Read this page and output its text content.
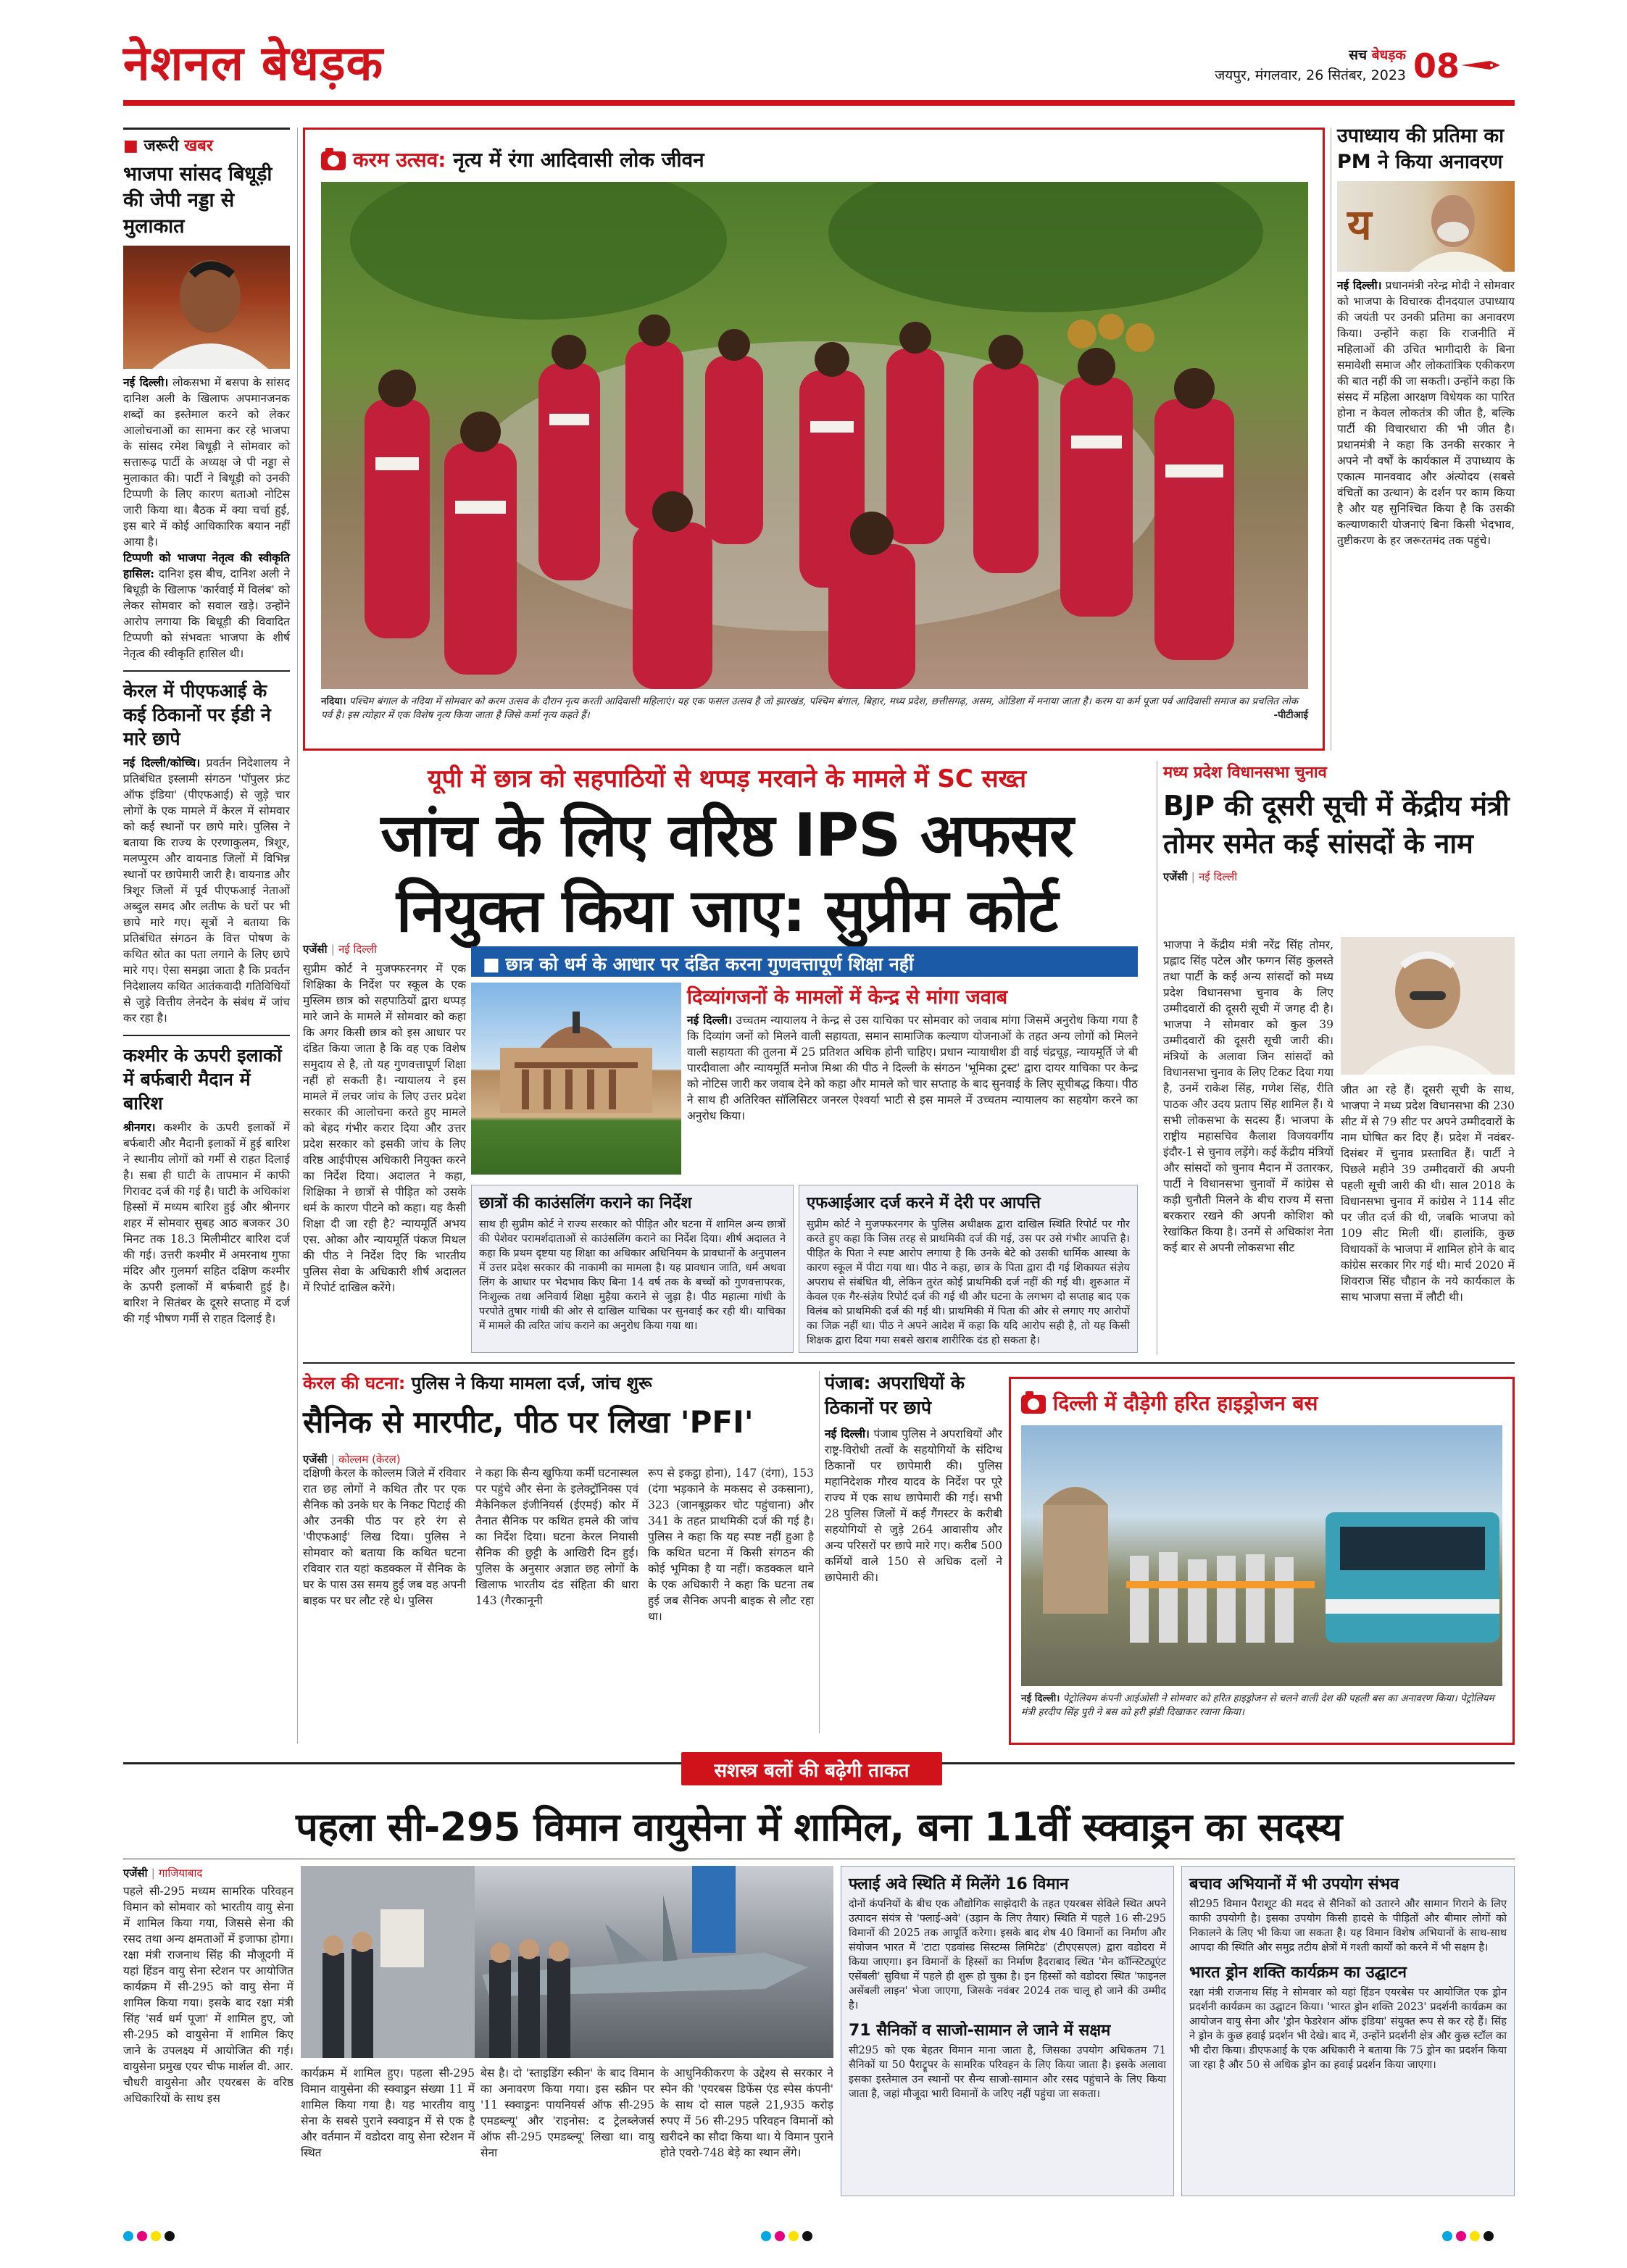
नेशनल बेधड़क	सच बेधड़क
जयपुर, मंगलवार, 26 सितंबर, 2023 08
■ जरूरी खबर
भाजपा सांसद बिधूड़ी की जेपी नड्डा से मुलाकात
नई दिल्ली। लोकसभा में बसपा के सांसद दानिश अली के खिलाफ अपमानजनक शब्दों का इस्तेमाल करने को लेकर आलोचनाओं का सामना कर रहे भाजपा के सांसद रमेश बिधूड़ी ने सोमवार को सत्तारूढ़ पार्टी के अध्यक्ष जे पी नड्डा से मुलाकात की। पार्टी ने बिधूड़ी को उनकी टिप्पणी के लिए कारण बताओ नोटिस जारी किया था। बैठक में क्या चर्चा हुई, इस बारे में कोई आधिकारिक बयान नहीं आया है।
टिप्पणी को भाजपा नेतृत्व की स्वीकृति हासिल: दानिश इस बीच, दानिश अली ने बिधूड़ी के खिलाफ 'कार्रवाई में विलंब' को लेकर सोमवार को सवाल खड़े। उन्होंने आरोप लगाया कि बिधूड़ी की विवादित टिप्पणी को संभवतः भाजपा के शीर्ष नेतृत्व की स्वीकृति हासिल थी।
केरल में पीएफआई के कई ठिकानों पर ईडी ने मारे छापे
नई दिल्ली/कोच्चि। प्रवर्तन निदेशालय ने प्रतिबंधित इस्लामी संगठन 'पॉपुलर फ्रंट ऑफ इंडिया' (पीएफआई) से जुड़े चार लोगों के एक मामले में केरल में सोमवार को कई स्थानों पर छापे मारे। पुलिस ने बताया कि राज्य के एरणाकुलम, त्रिशूर, मलप्पुरम और वायनाड जिलों में विभिन्न स्थानों पर छापेमारी जारी है। वायनाड और त्रिशूर जिलों में पूर्व पीएफआई नेताओं अब्दुल समद और लतीफ के घरों पर भी छापे मारे गए। सूत्रों ने बताया कि प्रतिबंधित संगठन के वित्त पोषण के कथित स्रोत का पता लगाने के लिए छापे मारे गए। ऐसा समझा जाता है कि प्रवर्तन निदेशालय कथित आतंकवादी गतिविधियों से जुड़े वित्तीय लेनदेन के संबंध में जांच कर रहा है।
कश्मीर के ऊपरी इलाकों में बर्फबारी मैदान में बारिश
श्रीनगर। कश्मीर के ऊपरी इलाकों में बर्फबारी और मैदानी इलाकों में हुई बारिश ने स्थानीय लोगों को गर्मी से राहत दिलाई है। सबा ही घाटी के तापमान में काफी गिरावट दर्ज की गई है। घाटी के अधिकांश हिस्सों में मध्यम बारिश हुई और श्रीनगर शहर में सोमवार सुबह आठ बजकर 30 मिनट तक 18.3 मिलीमीटर बारिश दर्ज की गई। उत्तरी कश्मीर में अमरनाथ गुफा मंदिर और गुलमर्ग सहित दक्षिण कश्मीर के ऊपरी इलाकों में बर्फबारी हुई है। बारिश ने सितंबर के दूसरे सप्ताह में दर्ज की गई भीषण गर्मी से राहत दिलाई है।
करम उत्सव: नृत्य में रंगा आदिवासी लोक जीवन
नदिया। पश्चिम बंगाल के नदिया में सोमवार को करम उत्सव के दौरान नृत्य करती आदिवासी महिलाएं। यह एक फसल उत्सव है जो झारखंड, पश्चिम बंगाल, बिहार, मध्य प्रदेश, छत्तीसगढ़, असम, ओडिशा में मनाया जाता है। करम या कर्म पूजा पर्व आदिवासी समाज का प्रचलित लोक पर्व है। इस त्योहार में एक विशेष नृत्य किया जाता है जिसे कर्मा नृत्य कहते हैं।	-पीटीआई
उपाध्याय की प्रतिमा का PM ने किया अनावरण
य
नई दिल्ली। प्रधानमंत्री नरेन्द्र मोदी ने सोमवार को भाजपा के विचारक दीनदयाल उपाध्याय की जयंती पर उनकी प्रतिमा का अनावरण किया। उन्होंने कहा कि राजनीति में महिलाओं की उचित भागीदारी के बिना समावेशी समाज और लोकतांत्रिक एकीकरण की बात नहीं की जा सकती। उन्होंने कहा कि संसद में महिला आरक्षण विधेयक का पारित होना न केवल लोकतंत्र की जीत है, बल्कि पार्टी की विचारधारा की भी जीत है। प्रधानमंत्री ने कहा कि उनकी सरकार ने अपने नौ वर्षों के कार्यकाल में उपाध्याय के एकात्म मानववाद और अंत्योदय (सबसे वंचितों का उत्थान) के दर्शन पर काम किया है और यह सुनिश्चित किया है कि उसकी कल्याणकारी योजनाएं बिना किसी भेदभाव, तुष्टीकरण के हर जरूरतमंद तक पहुंचे।
यूपी में छात्र को सहपाठियों से थप्पड़ मरवाने के मामले में SC सख्त
जांच के लिए वरिष्ठ IPS अफसर
नियुक्त किया जाए: सुप्रीम कोर्ट
एजेंसी | नई दिल्ली
सुप्रीम कोर्ट ने मुजफ्फरनगर में एक शिक्षिका के निर्देश पर स्कूल के एक मुस्लिम छात्र को सहपाठियों द्वारा थप्पड़ मारे जाने के मामले में सोमवार को कहा कि अगर किसी छात्र को इस आधार पर दंडित किया जाता है कि वह एक विशेष समुदाय से है, तो यह गुणवत्तापूर्ण शिक्षा नहीं हो सकती है। न्यायालय ने इस मामले में लचर जांच के लिए उत्तर प्रदेश सरकार की आलोचना करते हुए मामले को बेहद गंभीर करार दिया और उत्तर प्रदेश सरकार को इसकी जांच के लिए वरिष्ठ आईपीएस अधिकारी नियुक्त करने का निर्देश दिया। अदालत ने कहा, शिक्षिका ने छात्रों से पीड़ित को उसके धर्म के कारण पीटने को कहा। यह कैसी शिक्षा दी जा रही है? न्यायमूर्ति अभय एस. ओका और न्यायमूर्ति पंकज मिथल की पीठ ने निर्देश दिए कि भारतीय पुलिस सेवा के अधिकारी शीर्ष अदालत में रिपोर्ट दाखिल करेंगे।
■ छात्र को धर्म के आधार पर दंडित करना गुणवत्तापूर्ण शिक्षा नहीं
दिव्यांगजनों के मामलों में केन्द्र से मांगा जवाब
नई दिल्ली। उच्चतम न्यायालय ने केन्द्र से उस याचिका पर सोमवार को जवाब मांगा जिसमें अनुरोध किया गया है कि दिव्यांग जनों को मिलने वाली सहायता, समान सामाजिक कल्याण योजनाओं के तहत अन्य लोगों को मिलने वाली सहायता की तुलना में 25 प्रतिशत अधिक होनी चाहिए। प्रधान न्यायाधीश डी वाई चंद्रचूड़, न्यायमूर्ति जे बी पारदीवाला और न्यायमूर्ति मनोज मिश्रा की पीठ ने दिल्ली के संगठन 'भूमिका ट्रस्ट' द्वारा दायर याचिका पर केन्द्र को नोटिस जारी कर जवाब देने को कहा और मामले को चार सप्ताह के बाद सुनवाई के लिए सूचीबद्ध किया। पीठ ने साथ ही अतिरिक्त सॉलिसिटर जनरल ऐश्वर्या भाटी से इस मामले में उच्चतम न्यायालय का सहयोग करने का अनुरोध किया।
छात्रों की काउंसलिंग कराने का निर्देश
साथ ही सुप्रीम कोर्ट ने राज्य सरकार को पीड़ित और घटना में शामिल अन्य छात्रों की पेशेवर परामर्शदाताओं से काउंसलिंग कराने का निर्देश दिया। शीर्ष अदालत ने कहा कि प्रथम दृष्टया यह शिक्षा का अधिकार अधिनियम के प्रावधानों के अनुपालन में उत्तर प्रदेश सरकार की नाकामी का मामला है। यह प्रावधान जाति, धर्म अथवा लिंग के आधार पर भेदभाव किए बिना 14 वर्ष तक के बच्चों को गुणवत्तापरक, निःशुल्क तथा अनिवार्य शिक्षा मुहैया कराने से जुड़ा है। पीठ महात्मा गांधी के परपोते तुषार गांधी की ओर से दाखिल याचिका पर सुनवाई कर रही थी। याचिका में मामले की त्वरित जांच कराने का अनुरोध किया गया था।
एफआईआर दर्ज करने में देरी पर आपत्ति
सुप्रीम कोर्ट ने मुजफ्फरनगर के पुलिस अधीक्षक द्वारा दाखिल स्थिति रिपोर्ट पर गौर करते हुए कहा कि जिस तरह से प्राथमिकी दर्ज की गई, उस पर उसे गंभीर आपत्ति है। पीड़ित के पिता ने स्पष्ट आरोप लगाया है कि उनके बेटे को उसकी धार्मिक आस्था के कारण स्कूल में पीटा गया था। पीठ ने कहा, छात्र के पिता द्वारा दी गई शिकायत संज्ञेय अपराध से संबंधित थी, लेकिन तुरंत कोई प्राथमिकी दर्ज नहीं की गई थी। शुरुआत में केवल एक गैर-संज्ञेय रिपोर्ट दर्ज की गई थी और घटना के लगभग दो सप्ताह बाद एक विलंब को प्राथमिकी दर्ज की गई थी। प्राथमिकी में पिता की ओर से लगाए गए आरोपों का जिक्र नहीं था। पीठ ने अपने आदेश में कहा कि यदि आरोप सही है, तो यह किसी शिक्षक द्वारा दिया गया सबसे खराब शारीरिक दंड हो सकता है।
मध्य प्रदेश विधानसभा चुनाव
BJP की दूसरी सूची में केंद्रीय मंत्री तोमर समेत कई सांसदों के नाम
एजेंसी | नई दिल्ली
भाजपा ने केंद्रीय मंत्री नरेंद्र सिंह तोमर, प्रह्लाद सिंह पटेल और फग्गन सिंह कुलस्ते तथा पार्टी के कई अन्य सांसदों को मध्य प्रदेश विधानसभा चुनाव के लिए उम्मीदवारों की दूसरी सूची में जगह दी है। भाजपा ने सोमवार को कुल 39 उम्मीदवारों की दूसरी सूची जारी की। मंत्रियों के अलावा जिन सांसदों को विधानसभा चुनाव के लिए टिकट दिया गया है, उनमें राकेश सिंह, गणेश सिंह, रीति पाठक और उदय प्रताप सिंह शामिल हैं। ये सभी लोकसभा के सदस्य हैं। भाजपा के राष्ट्रीय महासचिव कैलाश विजयवर्गीय इंदौर-1 से चुनाव लड़ेंगे। कई केंद्रीय मंत्रियों और सांसदों को चुनाव मैदान में उतारकर, पार्टी ने विधानसभा चुनावों में कांग्रेस से कड़ी चुनौती मिलने के बीच राज्य में सत्ता बरकरार रखने की अपनी कोशिश को रेखांकित किया है। उनमें से अधिकांश नेता कई बार से अपनी लोकसभा सीट
जीत आ रहे हैं। दूसरी सूची के साथ, भाजपा ने मध्य प्रदेश विधानसभा की 230 सीट में से 79 सीट पर अपने उम्मीदवारों के नाम घोषित कर दिए हैं। प्रदेश में नवंबर-दिसंबर में चुनाव प्रस्तावित हैं। पार्टी ने पिछले महीने 39 उम्मीदवारों की अपनी पहली सूची जारी की थी। साल 2018 के विधानसभा चुनाव में कांग्रेस ने 114 सीट पर जीत दर्ज की थी, जबकि भाजपा को 109 सीट मिली थीं। हालांकि, कुछ विधायकों के भाजपा में शामिल होने के बाद कांग्रेस सरकार गिर गई थी। मार्च 2020 में शिवराज सिंह चौहान के नये कार्यकाल के साथ भाजपा सत्ता में लौटी थी।
केरल की घटना: पुलिस ने किया मामला दर्ज, जांच शुरू
सैनिक से मारपीट, पीठ पर लिखा 'PFI'
एजेंसी | कोल्लम (केरल)
दक्षिणी केरल के कोल्लम जिले में रविवार रात छह लोगों ने कथित तौर पर एक सैनिक को उनके घर के निकट पिटाई की और उनकी पीठ पर हरे रंग से 'पीएफआई' लिख दिया। पुलिस ने सोमवार को बताया कि कथित घटना रविवार रात यहां कडक्कल में सैनिक के घर के पास उस समय हुई जब वह अपनी बाइक पर घर लौट रहे थे। पुलिस
ने कहा कि सैन्य खुफिया कर्मी घटनास्थल पर पहुंचे और सेना के इलेक्ट्रॉनिक्स एवं मैकेनिकल इंजीनियर्स (ईएमई) कोर में तैनात सैनिक पर कथित हमले की जांच का निर्देश दिया। घटना केरल नियासी सैनिक की छुट्टी के आखिरी दिन हुई। पुलिस के अनुसार अज्ञात छह लोगों के खिलाफ भारतीय दंड संहिता की धारा 143 (गैरकानूनी
रूप से इकट्ठा होना), 147 (दंगा), 153 (दंगा भड़काने के मकसद से उकसाना), 323 (जानबूझकर चोट पहुंचाना) और 341 के तहत प्राथमिकी दर्ज की गई है। पुलिस ने कहा कि यह स्पष्ट नहीं हुआ है कि कथित घटना में किसी संगठन की कोई भूमिका है या नहीं। कडक्कल थाने के एक अधिकारी ने कहा कि घटना तब हुई जब सैनिक अपनी बाइक से लौट रहा था।
पंजाब: अपराधियों के ठिकानों पर छापे
नई दिल्ली। पंजाब पुलिस ने अपराधियों और राष्ट्र-विरोधी तत्वों के सहयोगियों के संदिग्ध ठिकानों पर छापेमारी की। पुलिस महानिदेशक गौरव यादव के निर्देश पर पूरे राज्य में एक साथ छापेमारी की गई। सभी 28 पुलिस जिलों में कई गैंगस्टर के करीबी सहयोगियों से जुड़े 264 आवासीय और अन्य परिसरों पर छापे मारे गए। करीब 500 कर्मियों वाले 150 से अधिक दलों ने छापेमारी की।
दिल्ली में दौड़ेगी हरित हाइड्रोजन बस
नई दिल्ली। पेट्रोलियम कंपनी आईओसी ने सोमवार को हरित हाइड्रोजन से चलने वाली देश की पहली बस का अनावरण किया। पेट्रोलियम मंत्री हरदीप सिंह पुरी ने बस को हरी झंडी दिखाकर रवाना किया।
सशस्त्र बलों की बढ़ेगी ताकत
पहला सी-295 विमान वायुसेना में शामिल, बना 11वीं स्क्वाड्रन का सदस्य
एजेंसी | गाजियाबाद
पहले सी-295 मध्यम सामरिक परिवहन विमान को सोमवार को भारतीय वायु सेना में शामिल किया गया, जिससे सेना की रसद तथा अन्य क्षमताओं में इजाफा होगा। रक्षा मंत्री राजनाथ सिंह की मौजूदगी में यहां हिंडन वायु सेना स्टेशन पर आयोजित कार्यक्रम में सी-295 को वायु सेना में शामिल किया गया। इसके बाद रक्षा मंत्री सिंह 'सर्व धर्म पूजा' में शामिल हुए, जो सी-295 को वायुसेना में शामिल किए जाने के उपलक्ष्य में आयोजित की गई। वायुसेना प्रमुख एयर चीफ मार्शल वी. आर. चौधरी वायुसेना और एयरबस के वरिष्ठ अधिकारियों के साथ इस
कार्यक्रम में शामिल हुए। पहला सी-295 विमान वायुसेना की स्क्वाड्रन संख्या 11 में शामिल किया गया है। यह भारतीय वायु सेना के सबसे पुराने स्क्वाड्रन में से एक है और वर्तमान में वडोदरा वायु सेना स्टेशन में स्थित
बेस है। दो 'स्ताइडिंग स्कीन' के बाद विमान का अनावरण किया गया। इस स्क्रीन पर '11 स्क्वाड्रनः पायनियर्स ऑफ सी-295 एमडब्ल्यू' और 'राइनोस: द ट्रेलब्लेजर्स ऑफ सी-295 एमडब्ल्यू' लिखा था। वायु सेना
के आधुनिकीकरण के उद्देश्य से सरकार ने स्पेन की 'एयरबस डिफेंस एंड स्पेस कंपनी' के साथ दो साल पहले 21,935 करोड़ रुपए में 56 सी-295 परिवहन विमानों को खरीदने का सौदा किया था। ये विमान पुराने होते एवरो-748 बेड़े का स्थान लेंगे।
फ्लाई अवे स्थिति में मिलेंगे 16 विमान
दोनों कंपनियों के बीच एक औद्योगिक साझेदारी के तहत एयरबस सेविले स्थित अपने उत्पादन संयंत्र से 'फ्लाई-अवे' (उड़ान के लिए तैयार) स्थिति में पहले 16 सी-295 विमानों की 2025 तक आपूर्ति करेगा। इसके बाद शेष 40 विमानों का निर्माण और संयोजन भारत में 'टाटा एडवांस्ड सिस्टम्स लिमिटेड' (टीएएसएल) द्वारा वडोदरा में किया जाएगा। इन विमानों के हिस्सों का निर्माण हैदराबाद स्थित 'मेन कॉन्स्टिट्यूएंट एसेंबली' सुविधा में पहले ही शुरू हो चुका है। इन हिस्सों को वडोदरा स्थित 'फाइनल असेंबली लाइन' भेजा जाएगा, जिसके नवंबर 2024 तक चालू हो जाने की उम्मीद है।
71 सैनिकों व साजो-सामान ले जाने में सक्षम
सी295 को एक बेहतर विमान माना जाता है, जिसका उपयोग अधिकतम 71 सैनिकों या 50 पैराट्रूपर के सामरिक परिवहन के लिए किया जाता है। इसके अलावा इसका इस्तेमाल उन स्थानों पर सैन्य साजो-सामान और रसद पहुंचाने के लिए किया जाता है, जहां मौजूदा भारी विमानों के जरिए नहीं पहुंचा जा सकता।
बचाव अभियानों में भी उपयोग संभव
सी295 विमान पैराशूट की मदद से सैनिकों को उतारने और सामान गिराने के लिए काफी उपयोगी है। इसका उपयोग किसी हादसे के पीड़ितों और बीमार लोगों को निकालने के लिए भी किया जा सकता है। यह विमान विशेष अभियानों के साथ-साथ आपदा की स्थिति और समुद्र तटीय क्षेत्रों में गश्ती कार्यों को करने में भी सक्षम है।
भारत ड्रोन शक्ति कार्यक्रम का उद्घाटन
रक्षा मंत्री राजनाथ सिंह ने सोमवार को यहां हिंडन एयरबेस पर आयोजित एक ड्रोन प्रदर्शनी कार्यक्रम का उद्घाटन किया। 'भारत ड्रोन शक्ति 2023' प्रदर्शनी कार्यक्रम का आयोजन वायु सेना और 'ड्रोन फेडरेशन ऑफ इंडिया' संयुक्त रूप से कर रहे हैं। सिंह ने ड्रोन के कुछ हवाई प्रदर्शन भी देखे। बाद में, उन्होंने प्रदर्शनी क्षेत्र और कुछ स्टॉल का भी दौरा किया। डीएफआई के एक अधिकारी ने बताया कि 75 ड्रोन का प्रदर्शन किया जा रहा है और 50 से अधिक ड्रोन का हवाई प्रदर्शन किया जाएगा।
